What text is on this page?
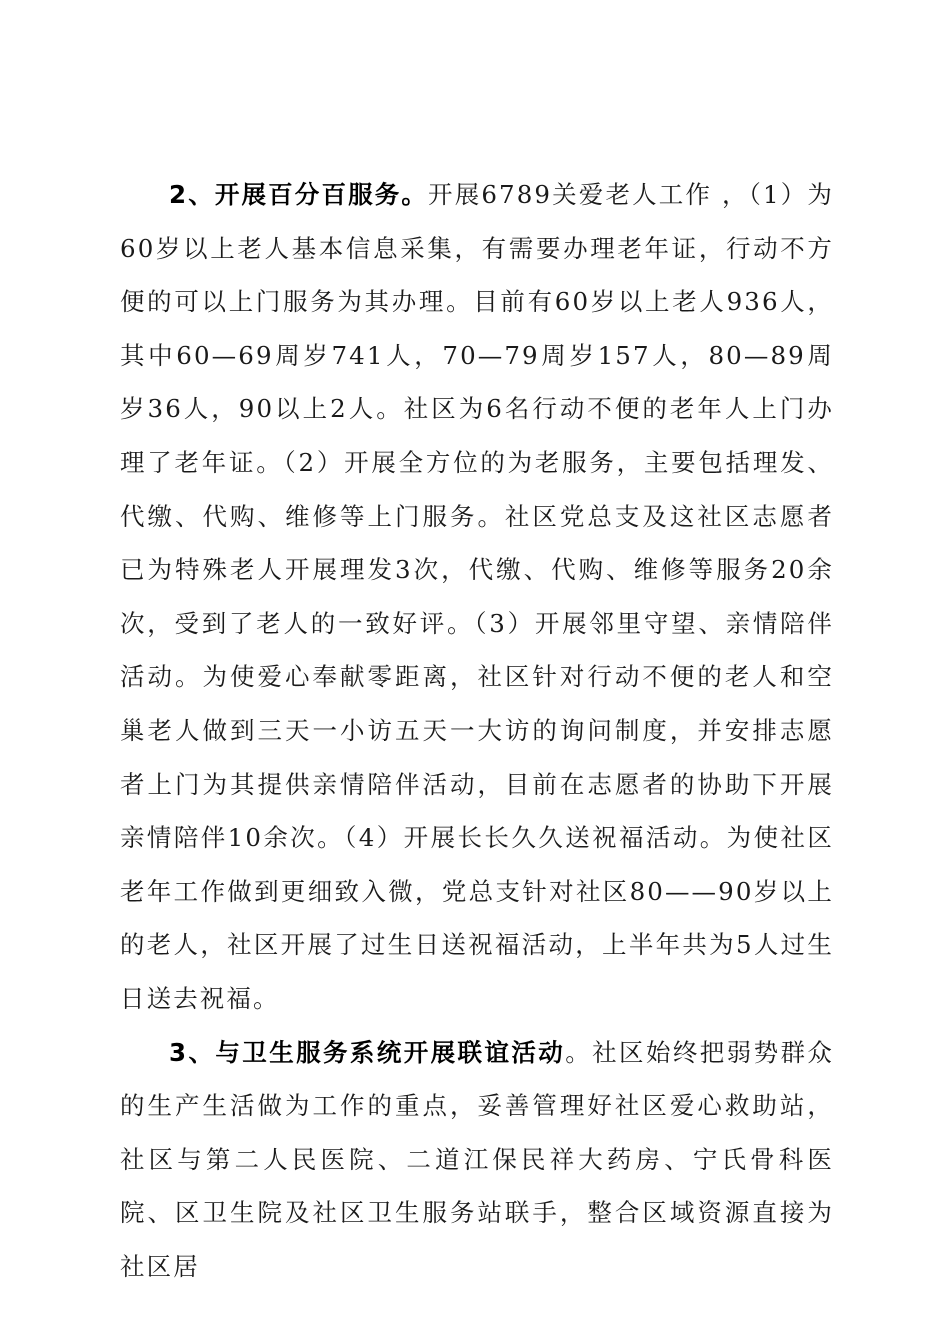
2、开展百分百服务。开展6789关爱老人工作 ，（1）为60岁以上老人基本信息采集，有需要办理老年证，行动不方便的可以上门服务为其办理。目前有60岁以上老人936人，其中60—69周岁741人，70—79周岁157人，80—89周岁36人，90以上2人。社区为6名行动不便的老年人上门办理了老年证。（2）开展全方位的为老服务，主要包括理发、代缴、代购、维修等上门服务。社区党总支及这社区志愿者已为特殊老人开展理发3次，代缴、代购、维修等服务20余次，受到了老人的一致好评。（3）开展邻里守望、亲情陪伴活动。为使爱心奉献零距离，社区针对行动不便的老人和空巢老人做到三天一小访五天一大访的询问制度，并安排志愿者上门为其提供亲情陪伴活动，目前在志愿者的协助下开展亲情陪伴10余次。（4）开展长长久久送祝福活动。为使社区老年工作做到更细致入微，党总支针对社区80——90岁以上的老人，社区开展了过生日送祝福活动，上半年共为5人过生日送去祝福。

3、与卫生服务系统开展联谊活动。社区始终把弱势群众的生产生活做为工作的重点，妥善管理好社区爱心救助站，社区与第二人民医院、二道江保民祥大药房、宁氏骨科医院、区卫生院及社区卫生服务站联手，整合区域资源直接为社区居
